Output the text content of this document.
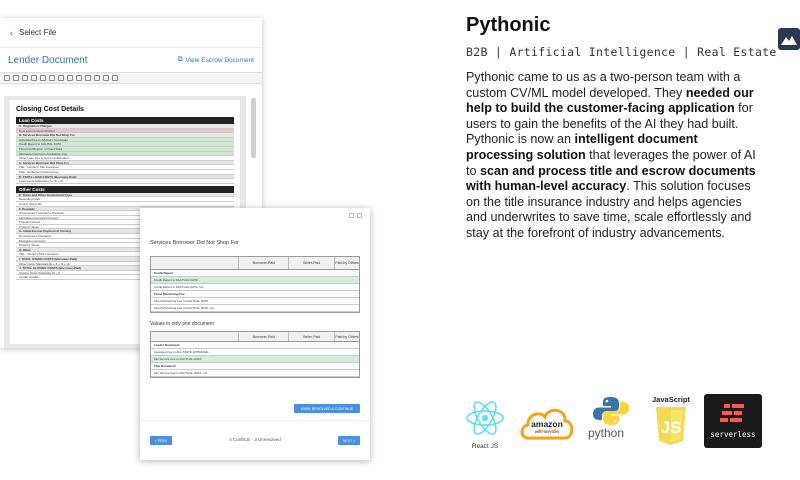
‹ Select File
Lender Document	⧉ View Escrow Document
Closing Cost Details
Loan Costs
A. Origination Charges
% of Loan Amount (Points)
B. Services Borrower Did Not Shop For
Appraisal Fee to Advisory Appraisals
Credit Report to CALITAL DATA
Flood Certification to Flood Data
Mortgage Insurance Application Fee
Other Loan Fee to Ayers Underwriters
C. Services Borrower Did Shop For
Title - Lender's Title Insurance
Title - Settlement Closing Fee
D. TOTAL LOAN COSTS (Borrower-Paid)
Loan Costs Subtotals (A + B + C)
Other Costs
E. Taxes and Other Government Fees
Recording Fees
County Deed Tax
F. Prepaids
Homeowner's Insurance Premium
Mortgage Insurance Premium
Prepaid Interest
Property Taxes
G. Initial Escrow Payment at Closing
Homeowner's Insurance
Mortgage Insurance
Property Taxes
H. Other
Title - Owner's Title Insurance
I. TOTAL OTHER COSTS (Borrower-Paid)
Other Costs Subtotals (E + F + G + H)
J. TOTAL CLOSING COSTS (Borrower-Paid)
Closing Costs Subtotals (D + I)
Lender Credits
Services Borrower Did Not Shop For
Borrower-Paid	Seller-Paid	Paid by Others
Credit Report
Credit Report to FACTUAL DATA
Credit Report to FACTUAL DATA, Inc.
Flood Monitoring Fee
Flood Monitoring Fee to FACTUAL DATA
Flood Monitoring Fee to FACTUAL DATA, Inc.
Values in only one document
Borrower-Paid	Seller-Paid	Paid by Others
Lender Document
Appraisal Fee to ALL STATE APPRAISAL
Tax Service Fee to FACTUAL DATA
Title Document
Tax Service Fee to FACTUAL DATA, Inc.
MARK RESOLVED & CONTINUE
< PREV	4 Conflicts - 3 Unresolved	NEXT >
Pythonic
B2B | Artificial Intelligence | Real Estate
Pythonic came to us as a two-person team with a custom CV/ML model developed. They needed our help to build the customer-facing application for users to gain the benefits of the AI they had built. Pythonic is now an intelligent document processing solution that leverages the power of AI to scan and process title and escrow documents with human-level accuracy. This solution focuses on the title insurance industry and helps agencies and underwrites to save time, scale effortlessly and stay at the forefront of industry advancements.
React JS
amazon
web services python
JavaScript
JS	serverless
